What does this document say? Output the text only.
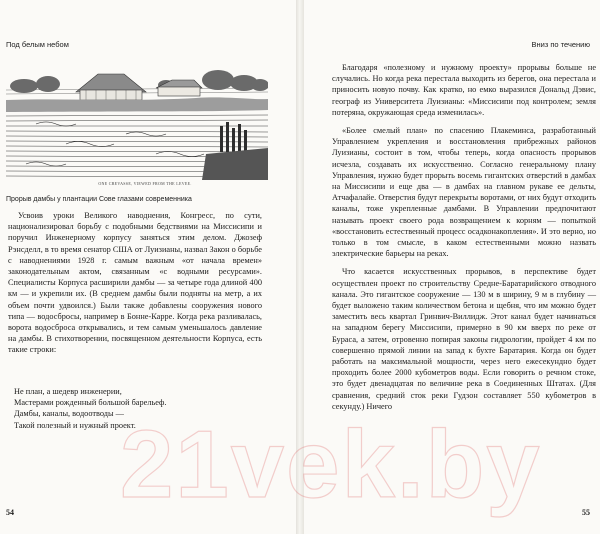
Под белым небом
ONE CREVASSE, VIEWED FROM THE LEVEE.
Прорыв дамбы у плантации Сове глазами современника

Усвоив уроки Великого наводнения, Конгресс, по сути, национализировал борьбу с подобными бедствиями на Миссисипи и поручил Инженерному корпусу заняться этим делом. Джозеф Рэнсделл, в то время сенатор США от Луизианы, назвал Закон о борьбе с наводнениями 1928 г. самым важным «от начала времен» законодательным актом, связанным «с водными ресурсами». Специалисты Корпуса расширили дамбы — за четыре года длиной 400 км — и укрепили их. (В среднем дамбы были подняты на метр, а их объем почти удвоился.) Были также добавлены сооружения нового типа — водосбросы, например в Бонне-Карре. Когда река разливалась, ворота водосброса открывались, и тем самым уменьшалось давление на дамбы. В стихотворении, посвященном деятельности Корпуса, есть такие строки:

Не план, а шедевр инженерии,
Мастерами рожденный большой барельеф.
Дамбы, каналы, водоотводы —
Такой полезный и нужный проект.
54
Вниз по течению

Благодаря «полезному и нужному проекту» прорывы больше не случались. Но когда река перестала выходить из берегов, она перестала и приносить новую почву. Как кратко, но емко выразился Дональд Дэвис, географ из Университета Луизианы: «Миссисипи под контролем; земля потеряна, окружающая среда изменилась».

«Более смелый план» по спасению Плакеминса, разработанный Управлением укрепления и восстановления прибрежных районов Луизианы, состоит в том, чтобы теперь, когда опасность прорывов исчезла, создавать их искусственно. Согласно генеральному плану Управления, нужно будет прорыть восемь гигантских отверстий в дамбах на Миссисипи и еще два — в дамбах на главном рукаве ее дельты, Атчафалайе. Отверстия будут перекрыты воротами, от них будут отходить каналы, тоже укрепленные дамбами. В Управлении предпочитают называть проект своего рода возвращением к корням — попыткой «восстановить естественный процесс осадконакопления». И это верно, но только в том смысле, в каком естественными можно назвать электрические барьеры на реках.

Что касается искусственных прорывов, в перспективе будет осуществлен проект по строительству Средне-Баратарийского отводного канала. Это гигантское сооружение — 130 м в ширину, 9 м в глубину — будет выложено таким количеством бетона и щебня, что им можно будет заместить весь квартал Гринвич-Виллидж. Этот канал будет начинаться на западном берегу Миссисипи, примерно в 90 км вверх по реке от Бураса, а затем, отровенно попирая законы гидрологии, пройдет 4 км по совершенно прямой линии на запад к бухте Баратария. Когда он будет работать на максимальной мощности, через него ежесекундно будет проходить более 2000 кубометров воды. Если говорить о речном стоке, это будет двенадцатая по величине река в Соединенных Штатах. (Для сравнения, средний сток реки Гудзон составляет 550 кубометров в секунду.) Ничего

55
